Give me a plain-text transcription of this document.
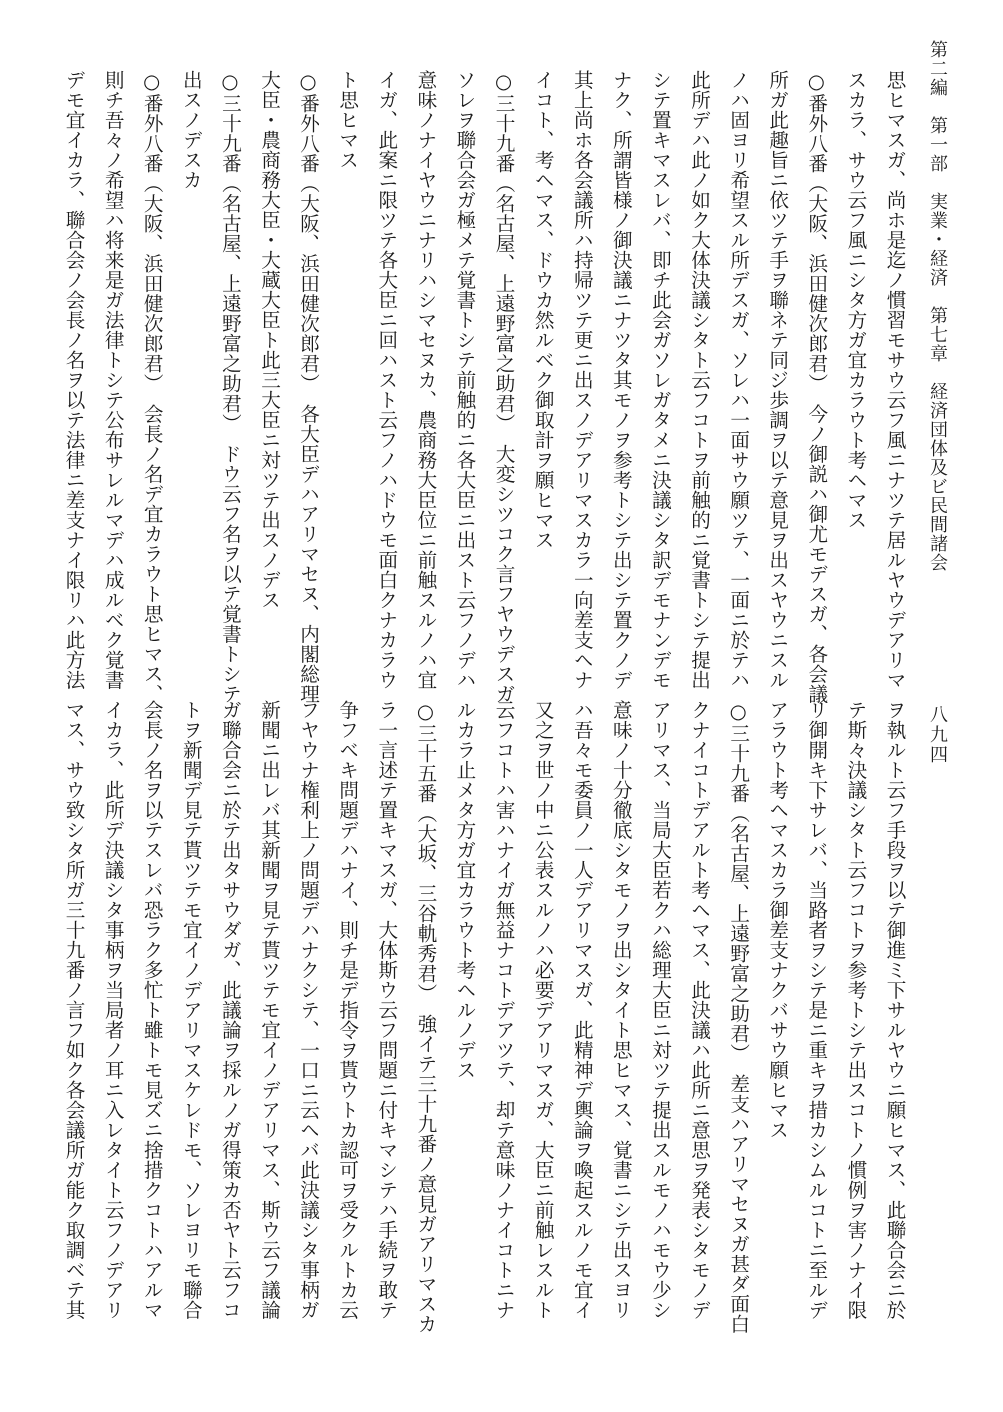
第二編　第一部　実業・経済　第七章　経済団体及ビ民間諸会
八九四
思ヒマスガ、尚ホ是迄ノ慣習モサウ云フ風ニナツテ居ルヤウデアリマ
スカラ、サウ云フ風ニシタ方ガ宜カラウト考ヘマス
○番外八番（大阪、浜田健次郎君）　今ノ御説ハ御尤モデスガ、各会議
所ガ此趣旨ニ依ツテ手ヲ聯ネテ同ジ歩調ヲ以テ意見ヲ出スヤウニスル
ノハ固ヨリ希望スル所デスガ、ソレハ一面サウ願ツテ、一面ニ於テハ
此所デハ此ノ如ク大体決議シタト云フコトヲ前触的ニ覚書トシテ提出
シテ置キマスレバ、即チ此会ガソレガタメニ決議シタ訳デモナンデモ
ナク、所謂皆様ノ御決議ニナツタ其モノヲ参考トシテ出シテ置クノデ
其上尚ホ各会議所ハ持帰ツテ更ニ出スノデアリマスカラ一向差支ヘナ
イコト、考ヘマス、ドウカ然ルベク御取計ヲ願ヒマス
○三十九番（名古屋、上遠野富之助君）　大変シツコク言フヤウデスガ
ソレヲ聯合会ガ極メテ覚書トシテ前触的ニ各大臣ニ出スト云フノデハ
意味ノナイヤウニナリハシマセヌカ、農商務大臣位ニ前触スルノハ宜
イガ、此案ニ限ツテ各大臣ニ回ハスト云フノハドウモ面白クナカラウ
ト思ヒマス
○番外八番（大阪、浜田健次郎君）　各大臣デハアリマセヌ、内閣総理
大臣・農商務大臣・大蔵大臣ト此三大臣ニ対ツテ出スノデス
○三十九番（名古屋、上遠野富之助君）　ドウ云フ名ヲ以テ覚書トシテ
出スノデスカ
○番外八番（大阪、浜田健次郎君）　会長ノ名デ宜カラウト思ヒマス、
則チ吾々ノ希望ハ将来是ガ法律トシテ公布サレルマデハ成ルベク覚書
デモ宜イカラ、聯合会ノ会長ノ名ヲ以テ法律ニ差支ナイ限リハ此方法
ヲ執ルト云フ手段ヲ以テ御進ミ下サルヤウニ願ヒマス、此聯合会ニ於
テ斯々決議シタト云フコトヲ参考トシテ出スコトノ慣例ヲ害ノナイ限
リ御開キ下サレバ、当路者ヲシテ是ニ重キヲ措カシムルコトニ至ルデ
アラウト考ヘマスカラ御差支ナクバサウ願ヒマス
○三十九番（名古屋、上遠野富之助君）　差支ハアリマセヌガ甚ダ面白
クナイコトデアルト考ヘマス、此決議ハ此所ニ意思ヲ発表シタモノデ
アリマス、当局大臣若クハ総理大臣ニ対ツテ提出スルモノハモウ少シ
意味ノ十分徹底シタモノヲ出シタイト思ヒマス、覚書ニシテ出スヨリ
ハ吾々モ委員ノ一人デアリマスガ、此精神デ輿論ヲ喚起スルノモ宜イ
又之ヲ世ノ中ニ公表スルノハ必要デアリマスガ、大臣ニ前触レスルト
云フコトハ害ハナイガ無益ナコトデアツテ、却テ意味ノナイコトニナ
ルカラ止メタ方ガ宜カラウト考ヘルノデス
○三十五番（大坂、三谷軌秀君）　強イテ三十九番ノ意見ガアリマスカ
ラ一言述テ置キマスガ、大体斯ウ云フ問題ニ付キマシテハ手続ヲ敢テ
争フベキ問題デハナイ、則チ是デ指令ヲ貰ウトカ認可ヲ受クルトカ云
フヤウナ権利上ノ問題デハナクシテ、一口ニ云ヘバ此決議シタ事柄ガ
新聞ニ出レバ其新聞ヲ見テ貰ツテモ宜イノデアリマス、斯ウ云フ議論
ガ聯合会ニ於テ出タサウダガ、此議論ヲ採ルノガ得策カ否ヤト云フコ
トヲ新聞デ見テ貰ツテモ宜イノデアリマスケレドモ、ソレヨリモ聯合
会長ノ名ヲ以テスレバ恐ラク多忙ト雖トモ見ズニ捨措クコトハアルマ
イカラ、此所デ決議シタ事柄ヲ当局者ノ耳ニ入レタイト云フノデアリ
マス、サウ致シタ所ガ三十九番ノ言フ如ク各会議所ガ能ク取調ベテ其
